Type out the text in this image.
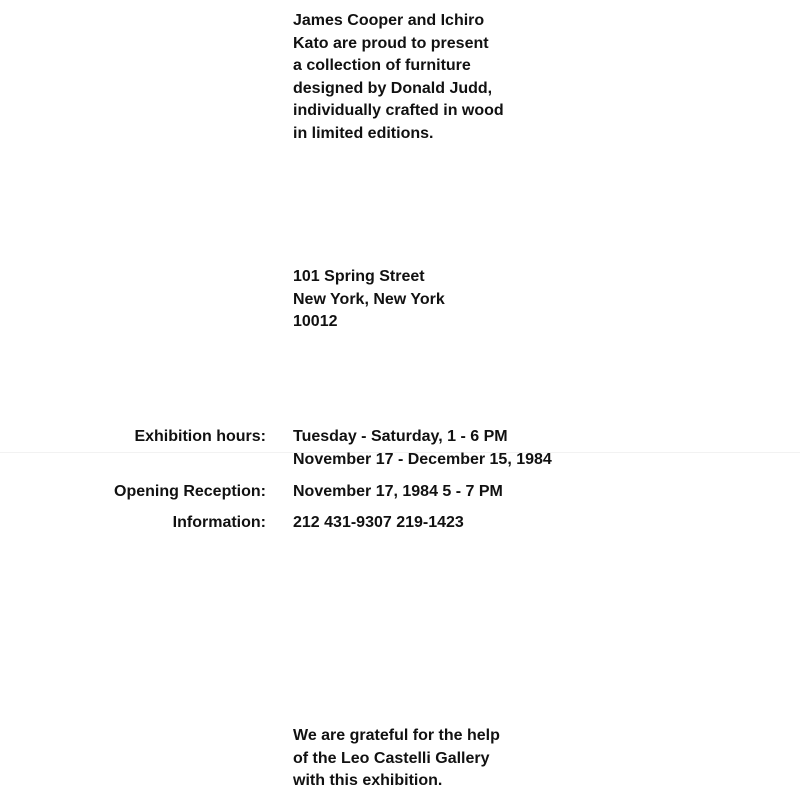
James Cooper and Ichiro
Kato are proud to present
a collection of furniture
designed by Donald Judd,
individually crafted in wood
in limited editions.
101 Spring Street
New York, New York
10012
Exhibition hours: Tuesday - Saturday, 1 - 6 PM
November 17 - December 15, 1984
Opening Reception: November 17, 1984 5 - 7 PM
Information: 212 431-9307 219-1423
We are grateful for the help
of the Leo Castelli Gallery
with this exhibition.
